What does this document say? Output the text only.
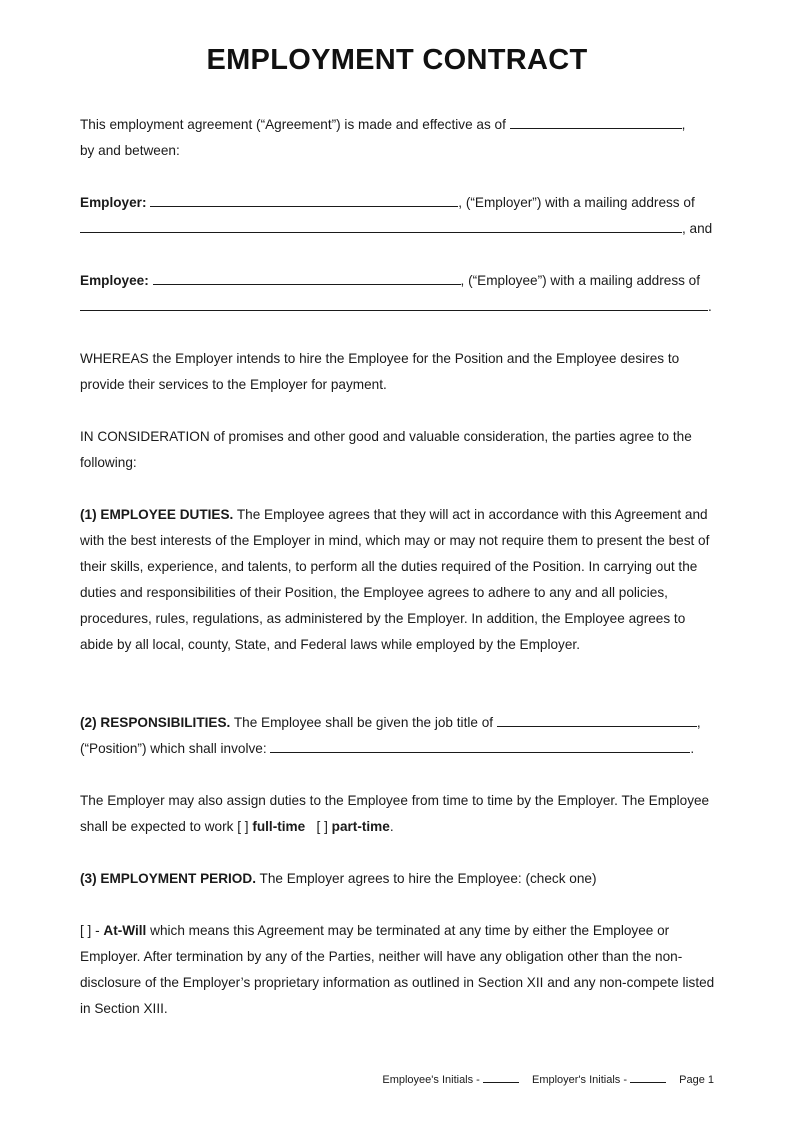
EMPLOYMENT CONTRACT

This employment agreement (“Agreement”) is made and effective as of	,
by and between:

Employer:	, (“Employer”) with a mailing address of
, and

Employee:	, (“Employee”) with a mailing address of
.

WHEREAS the Employer intends to hire the Employee for the Position and the Employee desires to provide their services to the Employer for payment.

IN CONSIDERATION of promises and other good and valuable consideration, the parties agree to the following:

(1) EMPLOYEE DUTIES. The Employee agrees that they will act in accordance with this Agreement and with the best interests of the Employer in mind, which may or may not require them to present the best of their skills, experience, and talents, to perform all the duties required of the Position. In carrying out the duties and responsibilities of their Position, the Employee agrees to adhere to any and all policies, procedures, rules, regulations, as administered by the Employer. In addition, the Employee agrees to abide by all local, county, State, and Federal laws while employed by the Employer.

(2) RESPONSIBILITIES. The Employee shall be given the job title of	,
(“Position”) which shall involve:	.

The Employer may also assign duties to the Employee from time to time by the Employer. The Employee shall be expected to work [ ] full-time [ ] part-time.

(3) EMPLOYMENT PERIOD. The Employer agrees to hire the Employee: (check one)

[ ] - At-Will which means this Agreement may be terminated at any time by either the Employee or Employer. After termination by any of the Parties, neither will have any obligation other than the non-disclosure of the Employer’s proprietary information as outlined in Section XII and any non-compete listed in Section XIII.

Employee's Initials -	Employer's Initials -	Page 1
